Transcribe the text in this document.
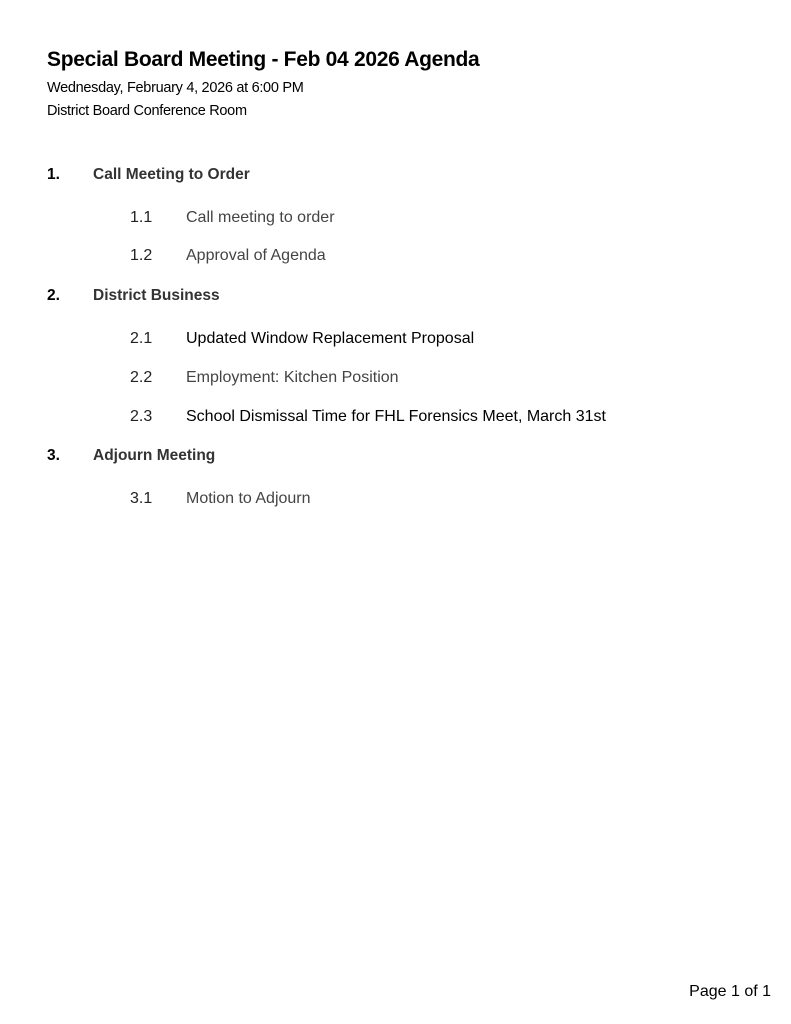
Special Board Meeting - Feb 04 2026 Agenda
Wednesday, February 4, 2026 at 6:00 PM
District Board Conference Room
1. Call Meeting to Order
1.1 Call meeting to order
1.2 Approval of Agenda
2. District Business
2.1 Updated Window Replacement Proposal
2.2 Employment: Kitchen Position
2.3 School Dismissal Time for FHL Forensics Meet, March 31st
3. Adjourn Meeting
3.1 Motion to Adjourn
Page 1 of 1
